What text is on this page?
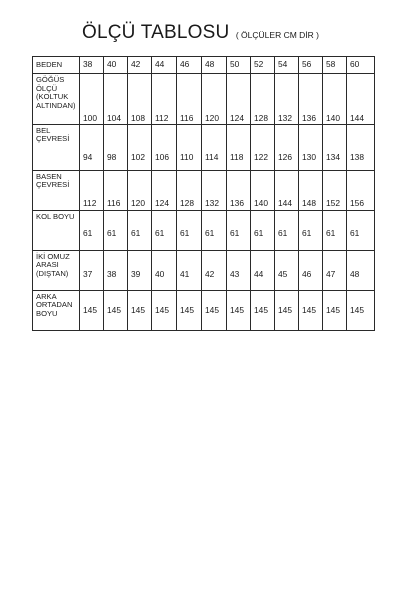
ÖLÇÜ TABLOSU ( ÖLÇÜLER CM DİR )
BEDEN	38	40	42	44	46	48	50	52	54	56	58	60
GÖĞÜS
ÖLÇÜ
(KOLTUK
ALTINDAN)	100	104	108	112	116	120	124	128	132	136	140	144

BEL
ÇEVRESİ	94	98	102	106	110	114	118	122	126	130	134	138

BASEN
ÇEVRESİ	112	116	120	124	128	132	136	140	144	148	152	156

KOL BOYU	61	61	61	61	61	61	61	61	61	61	61	61

İKİ OMUZ
ARASI
(DIŞTAN)	37	38	39	40	41	42	43	44	45	46	47	48

ARKA
ORTADAN
BOYU	145	145	145	145	145	145	145	145	145	145	145	145
